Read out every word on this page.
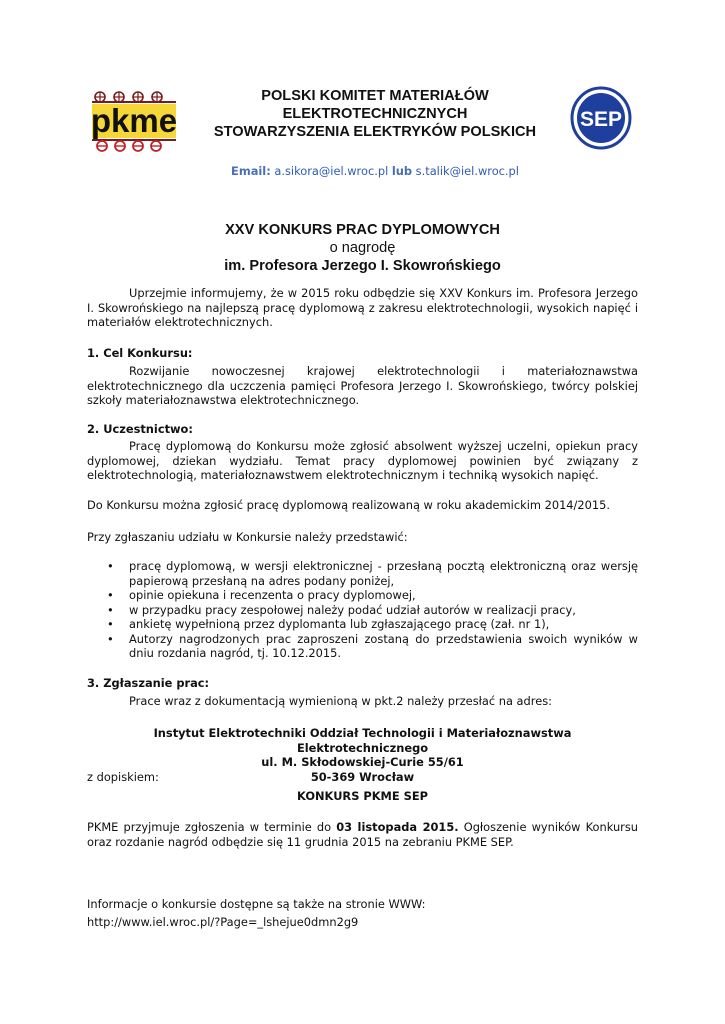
pkme
POLSKI KOMITET MATERIAŁÓW
ELEKTROTECHNICZNYCH
STOWARZYSZENIA ELEKTRYKÓW POLSKICH
SEP
Email: a.sikora@iel.wroc.pl lub s.talik@iel.wroc.pl
XXV KONKURS PRAC DYPLOMOWYCH
o nagrodę
im. Profesora Jerzego I. Skowrońskiego
Uprzejmie informujemy, że w 2015 roku odbędzie się XXV Konkurs im. Profesora Jerzego I. Skowrońskiego na najlepszą pracę dyplomową z zakresu elektrotechnologii, wysokich napięć i materiałów elektrotechnicznych.
1. Cel Konkursu:
Rozwijanie nowoczesnej krajowej elektrotechnologii i materiałoznawstwa elektrotechnicznego dla uczczenia pamięci Profesora Jerzego I. Skowrońskiego, twórcy polskiej szkoły materiałoznawstwa elektrotechnicznego.
2. Uczestnictwo:
Pracę dyplomową do Konkursu może zgłosić absolwent wyższej uczelni, opiekun pracy dyplomowej, dziekan wydziału. Temat pracy dyplomowej powinien być związany z elektrotechnologią, materiałoznawstwem elektrotechnicznym i techniką wysokich napięć.
Do Konkursu można zgłosić pracę dyplomową realizowaną w roku akademickim 2014/2015.
Przy zgłaszaniu udziału w Konkursie należy przedstawić:
• pracę dyplomową, w wersji elektronicznej - przesłaną pocztą elektroniczną oraz wersję papierową przesłaną na adres podany poniżej,
• opinie opiekuna i recenzenta o pracy dyplomowej,
• w przypadku pracy zespołowej należy podać udział autorów w realizacji pracy,
• ankietę wypełnioną przez dyplomanta lub zgłaszającego pracę (zał. nr 1),
• Autorzy nagrodzonych prac zaproszeni zostaną do przedstawienia swoich wyników w dniu rozdania nagród, tj. 10.12.2015.
3. Zgłaszanie prac:
Prace wraz z dokumentacją wymienioną w pkt.2 należy przesłać na adres:
Instytut Elektrotechniki Oddział Technologii i Materiałoznawstwa Elektrotechnicznego
ul. M. Skłodowskiej-Curie 55/61
50-369 Wrocław
z dopiskiem:
KONKURS PKME SEP
PKME przyjmuje zgłoszenia w terminie do 03 listopada 2015. Ogłoszenie wyników Konkursu oraz rozdanie nagród odbędzie się 11 grudnia 2015 na zebraniu PKME SEP.
Informacje o konkursie dostępne są także na stronie WWW:
http://www.iel.wroc.pl/?Page=_lshejue0dmn2g9
